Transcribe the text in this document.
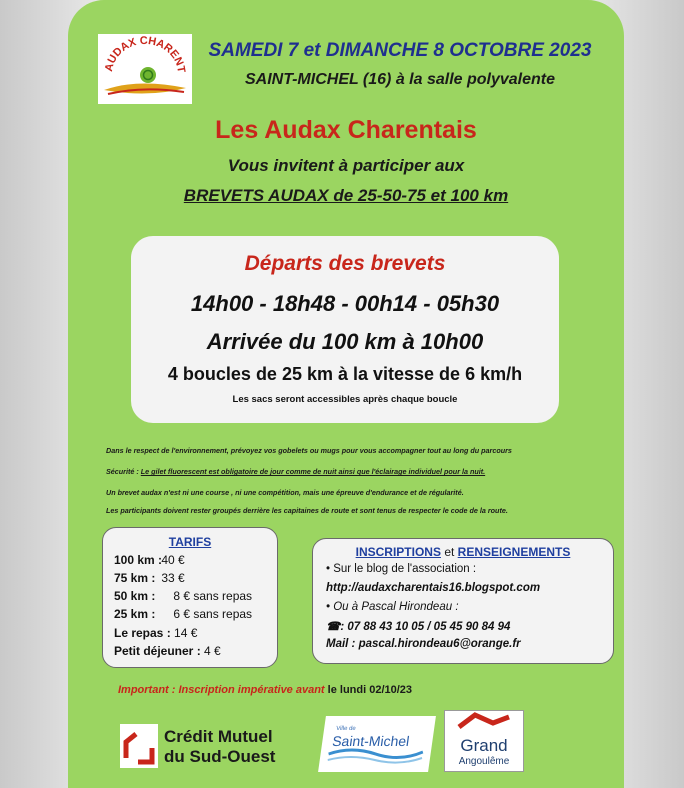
AUDAX CHARENT
SAMEDI 7 et DIMANCHE 8 OCTOBRE 2023
SAINT-MICHEL (16) à la salle polyvalente
Les Audax Charentais
Vous invitent à participer aux
BREVETS AUDAX de 25-50-75 et 100 km
Départs des brevets
14h00 - 18h48 - 00h14 - 05h30
Arrivée du 100 km à 10h00
4 boucles de 25 km à la vitesse de 6 km/h
Les sacs seront accessibles après chaque boucle
Dans le respect de l'environnement, prévoyez vos gobelets ou mugs pour vous accompagner tout au long du parcours
Sécurité : Le gilet fluorescent est obligatoire de jour comme de nuit ainsi que l'éclairage individuel pour la nuit.
Un brevet audax n'est ni une course , ni une compétition, mais une épreuve d'endurance et de régularité.
Les participants doivent rester groupés derrière les capitaines de route et sont tenus de respecter le code de la route.
TARIFS
100 km : 40 €
75 km : 33 €
50 km : 8 € sans repas
25 km : 6 € sans repas
Le repas : 14 €
Petit déjeuner : 4 €
INSCRIPTIONS et RENSEIGNEMENTS
• Sur le blog de l'association :
http://audaxcharentais16.blogspot.com
• Ou à Pascal Hirondeau :
☎: 07 88 43 10 05 / 05 45 90 84 94
Mail : pascal.hirondeau6@orange.fr
Important : Inscription impérative avant le lundi 02/10/23
Crédit Mutuel
du Sud-Ouest
Ville de
Saint-Michel	Grand
Angoulême
